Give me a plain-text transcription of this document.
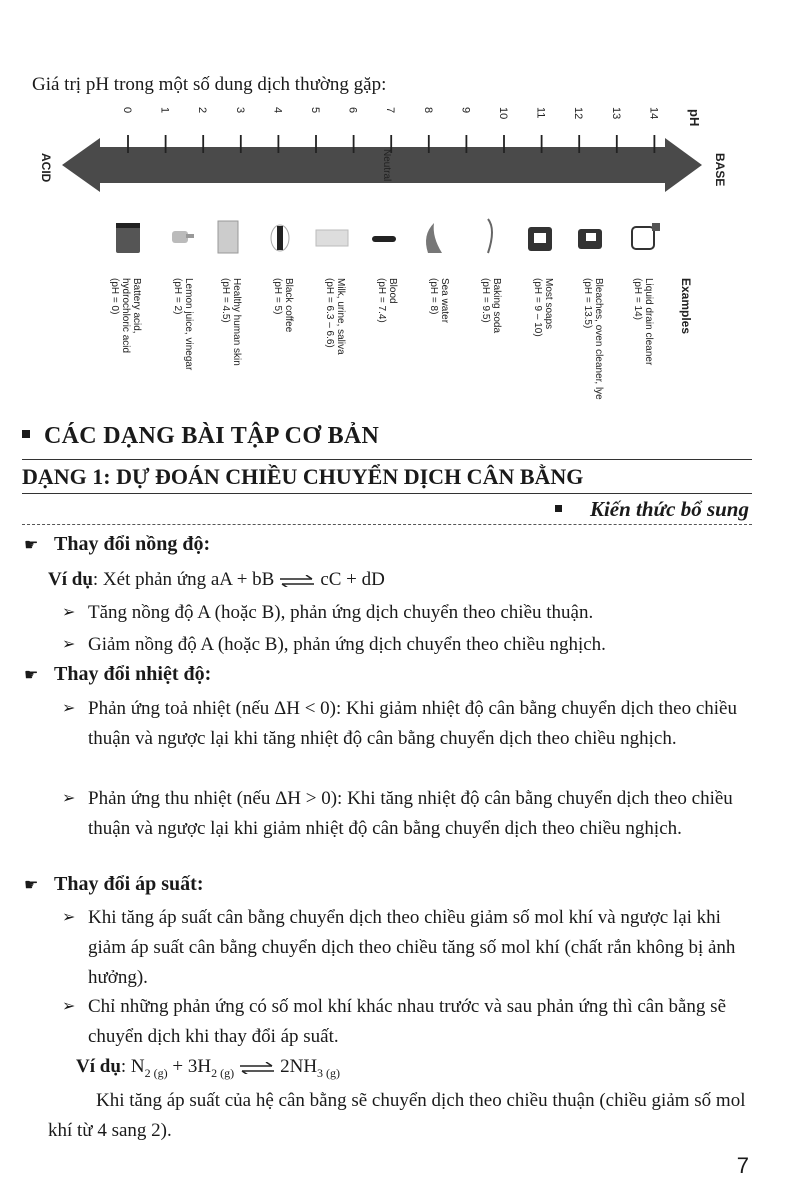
Giá trị pH trong một số dung dịch thường gặp:
pH
ACID	BASE
Neutral
0 1 2 3 4 5 6 7 8 9 10 11 12 13 14
Battery acid,
hydrochloric acid
(pH = 0)	Lemon juice, vinegar
(pH = 2)	Healthy human skin
(pH = 4.5)	Black coffee
(pH = 5)	Milk, urine, saliva
(pH = 6.3 – 6.6)	Blood
(pH = 7.4)	Sea water
(pH = 8)	Baking soda
(pH = 9.5)	Most soaps
(pH = 9 – 10)	Bleaches, oven cleaner, lye
(pH = 13.5)	Liquid drain cleaner
(pH = 14)	Examples
CÁC DẠNG BÀI TẬP CƠ BẢN
DẠNG 1: DỰ ĐOÁN CHIỀU CHUYỂN DỊCH CÂN BẰNG
Kiến thức bổ sung
☛ Thay đổi nồng độ:
Ví dụ: Xét phản ứng aA + bB ⇌ cC + dD
➢ Tăng nồng độ A (hoặc B), phản ứng dịch chuyển theo chiều thuận.
➢ Giảm nồng độ A (hoặc B), phản ứng dịch chuyển theo chiều nghịch.
☛ Thay đổi nhiệt độ:
➢ Phản ứng toả nhiệt (nếu ΔH < 0): Khi giảm nhiệt độ cân bằng chuyển dịch theo chiều thuận và ngược lại khi tăng nhiệt độ cân bằng chuyển dịch theo chiều nghịch.
➢ Phản ứng thu nhiệt (nếu ΔH > 0): Khi tăng nhiệt độ cân bằng chuyển dịch theo chiều thuận và ngược lại khi giảm nhiệt độ cân bằng chuyển dịch theo chiều nghịch.
☛ Thay đổi áp suất:
➢ Khi tăng áp suất cân bằng chuyển dịch theo chiều giảm số mol khí và ngược lại khi giảm áp suất cân bằng chuyển dịch theo chiều tăng số mol khí (chất rắn không bị ảnh hưởng).
➢ Chỉ những phản ứng có số mol khí khác nhau trước và sau phản ứng thì cân bằng sẽ chuyển dịch khi thay đổi áp suất.
Ví dụ: $N_{2 (g)} + 3H_{2 (g)}$ ⇌ $2NH_{3 (g)}$
Khi tăng áp suất của hệ cân bằng sẽ chuyển dịch theo chiều thuận (chiều giảm số mol khí từ 4 sang 2).
7
